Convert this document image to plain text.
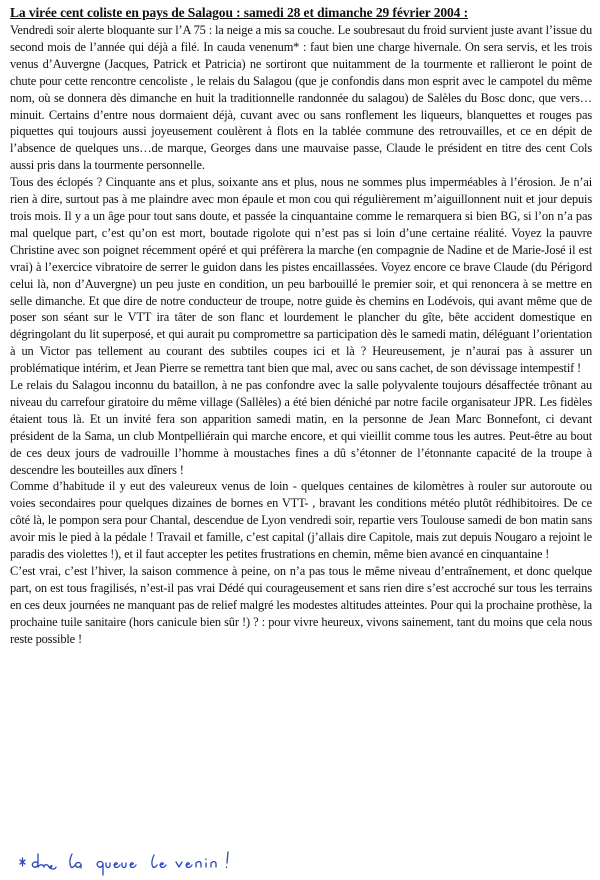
La virée cent coliste en pays de Salagou : samedi 28 et dimanche 29 février 2004 :

Vendredi soir alerte bloquante sur l’A 75 : la neige a mis sa couche. Le soubresaut du froid survient juste avant l’issue du second mois de l’année qui déjà a filé. In cauda venenum* : faut bien une charge hivernale. On sera servis, et les trois venus d’Auvergne (Jacques, Patrick et Patricia) ne sortiront que nuitamment de la tourmente et rallieront le point de chute pour cette rencontre cencoliste , le relais du Salagou (que je confondis dans mon esprit avec le campotel du même nom, où se donnera dès dimanche en huit la traditionnelle randonnée du salagou) de Salèles du Bosc donc, que vers…minuit. Certains d’entre nous dormaient déjà, cuvant avec ou sans ronflement les liqueurs, blanquettes et rouges pas piquettes qui toujours aussi joyeusement coulèrent à flots en la tablée commune des retrouvailles, et ce en dépit de l’absence de quelques uns…de marque, Georges dans une mauvaise passe, Claude le président en titre des cent Cols aussi pris dans la tourmente personnelle.

Tous des éclopés ? Cinquante ans et plus, soixante ans et plus, nous ne sommes plus imperméables à l’érosion. Je n’ai rien à dire, surtout pas à me plaindre avec mon épaule et mon cou qui régulièrement m’aiguillonnent nuit et jour depuis trois mois. Il y a un âge pour tout sans doute, et passée la cinquantaine comme le remarquera si bien BG, si l’on n’a pas mal quelque part, c’est qu’on est mort, boutade rigolote qui n’est pas si loin d’une certaine réalité. Voyez la pauvre Christine avec son poignet récemment opéré et qui préfèrera la marche (en compagnie de Nadine et de Marie-José il est vrai) à l’exercice vibratoire de serrer le guidon dans les pistes encaillassées. Voyez encore ce brave Claude (du Périgord celui là, non d’Auvergne) un peu juste en condition, un peu barbouillé le premier soir, et qui renoncera à se mettre en selle dimanche. Et que dire de notre conducteur de troupe, notre guide ès chemins en Lodévois, qui avant même que de poser son séant sur le VTT ira tâter de son flanc et lourdement le plancher du gîte, bête accident domestique en dégringolant du lit superposé, et qui aurait pu compromettre sa participation dès le samedi matin, déléguant l’orientation à un Victor pas tellement au courant des subtiles coupes ici et là ? Heureusement, je n’aurai pas à assurer un problématique intérim, et Jean Pierre se remettra tant bien que mal, avec ou sans cachet, de son dévissage intempestif !

Le relais du Salagou inconnu du bataillon, à ne pas confondre avec la salle polyvalente toujours désaffectée trônant au niveau du carrefour giratoire du même village (Sallèles) a été bien déniché par notre facile organisateur JPR. Les fidèles étaient tous là. Et un invité fera son apparition samedi matin, en la personne de Jean Marc Bonnefont, ci devant président de la Sama, un club Montpelliérain qui marche encore, et qui vieillit comme tous les autres. Peut-être au bout de ces deux jours de vadrouille l’homme à moustaches fines a dû s’étonner de l’étonnante capacité de la troupe à descendre les bouteilles aux dîners !

Comme d’habitude il y eut des valeureux venus de loin - quelques centaines de kilomètres à rouler sur autoroute ou voies secondaires pour quelques dizaines de bornes en VTT- , bravant les conditions météo plutôt rédhibitoires. De ce côté là, le pompon sera pour Chantal, descendue de Lyon vendredi soir, repartie vers Toulouse samedi de bon matin sans avoir mis le pied à la pédale ! Travail et famille, c’est capital (j’allais dire Capitole, mais zut depuis Nougaro a rejoint le paradis des violettes !), et il faut accepter les petites frustrations en chemin, même bien avancé en cinquantaine !

C’est vrai, c’est l’hiver, la saison commence à peine, on n’a pas tous le même niveau d’entraînement, et donc quelque part, on est tous fragilisés, n’est-il pas vrai Dédé qui courageusement et sans rien dire s’est accroché sur tous les terrains en ces deux journées ne manquant pas de relief malgré les modestes altitudes atteintes. Pour qui la prochaine prothèse, la prochaine tuile sanitaire (hors canicule bien sûr !) ? : pour vivre heureux, vivons sainement, tant du moins que cela nous reste possible !
